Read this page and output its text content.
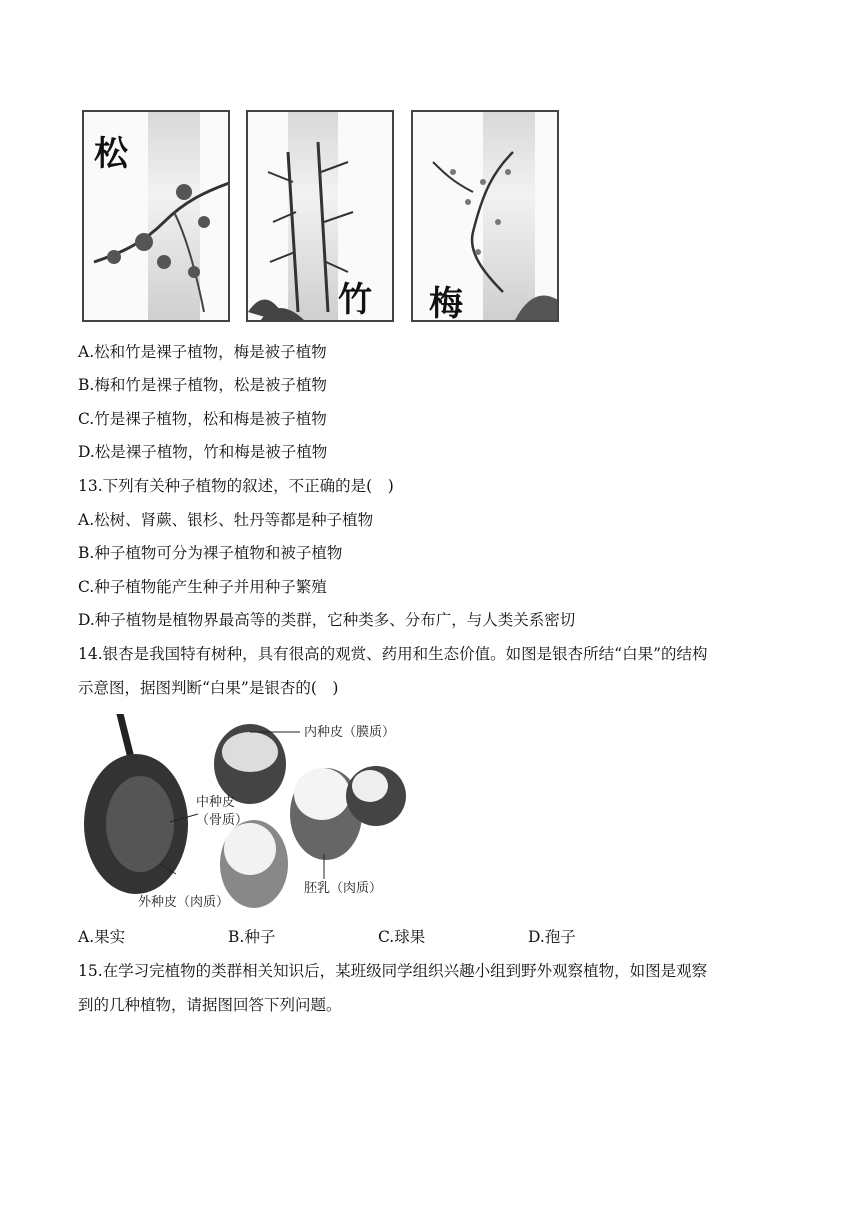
松
竹 梅
A.松和竹是裸子植物，梅是被子植物
B.梅和竹是裸子植物，松是被子植物
C.竹是裸子植物，松和梅是被子植物
D.松是裸子植物，竹和梅是被子植物
13.下列有关种子植物的叙述，不正确的是(　)
A.松树、肾蕨、银杉、牡丹等都是种子植物
B.种子植物可分为裸子植物和被子植物
C.种子植物能产生种子并用种子繁殖
D.种子植物是植物界最高等的类群，它种类多、分布广，与人类关系密切
14.银杏是我国特有树种，具有很高的观赏、药用和生态价值。如图是银杏所结“白果”的结构
示意图，据图判断“白果”是银杏的(　)
内种皮（膜质）
中种皮
（骨质）
外种皮（肉质）
胚乳（肉质）
A.果实	B.种子	C.球果	D.孢子
15.在学习完植物的类群相关知识后，某班级同学组织兴趣小组到野外观察植物，如图是观察
到的几种植物，请据图回答下列问题。
